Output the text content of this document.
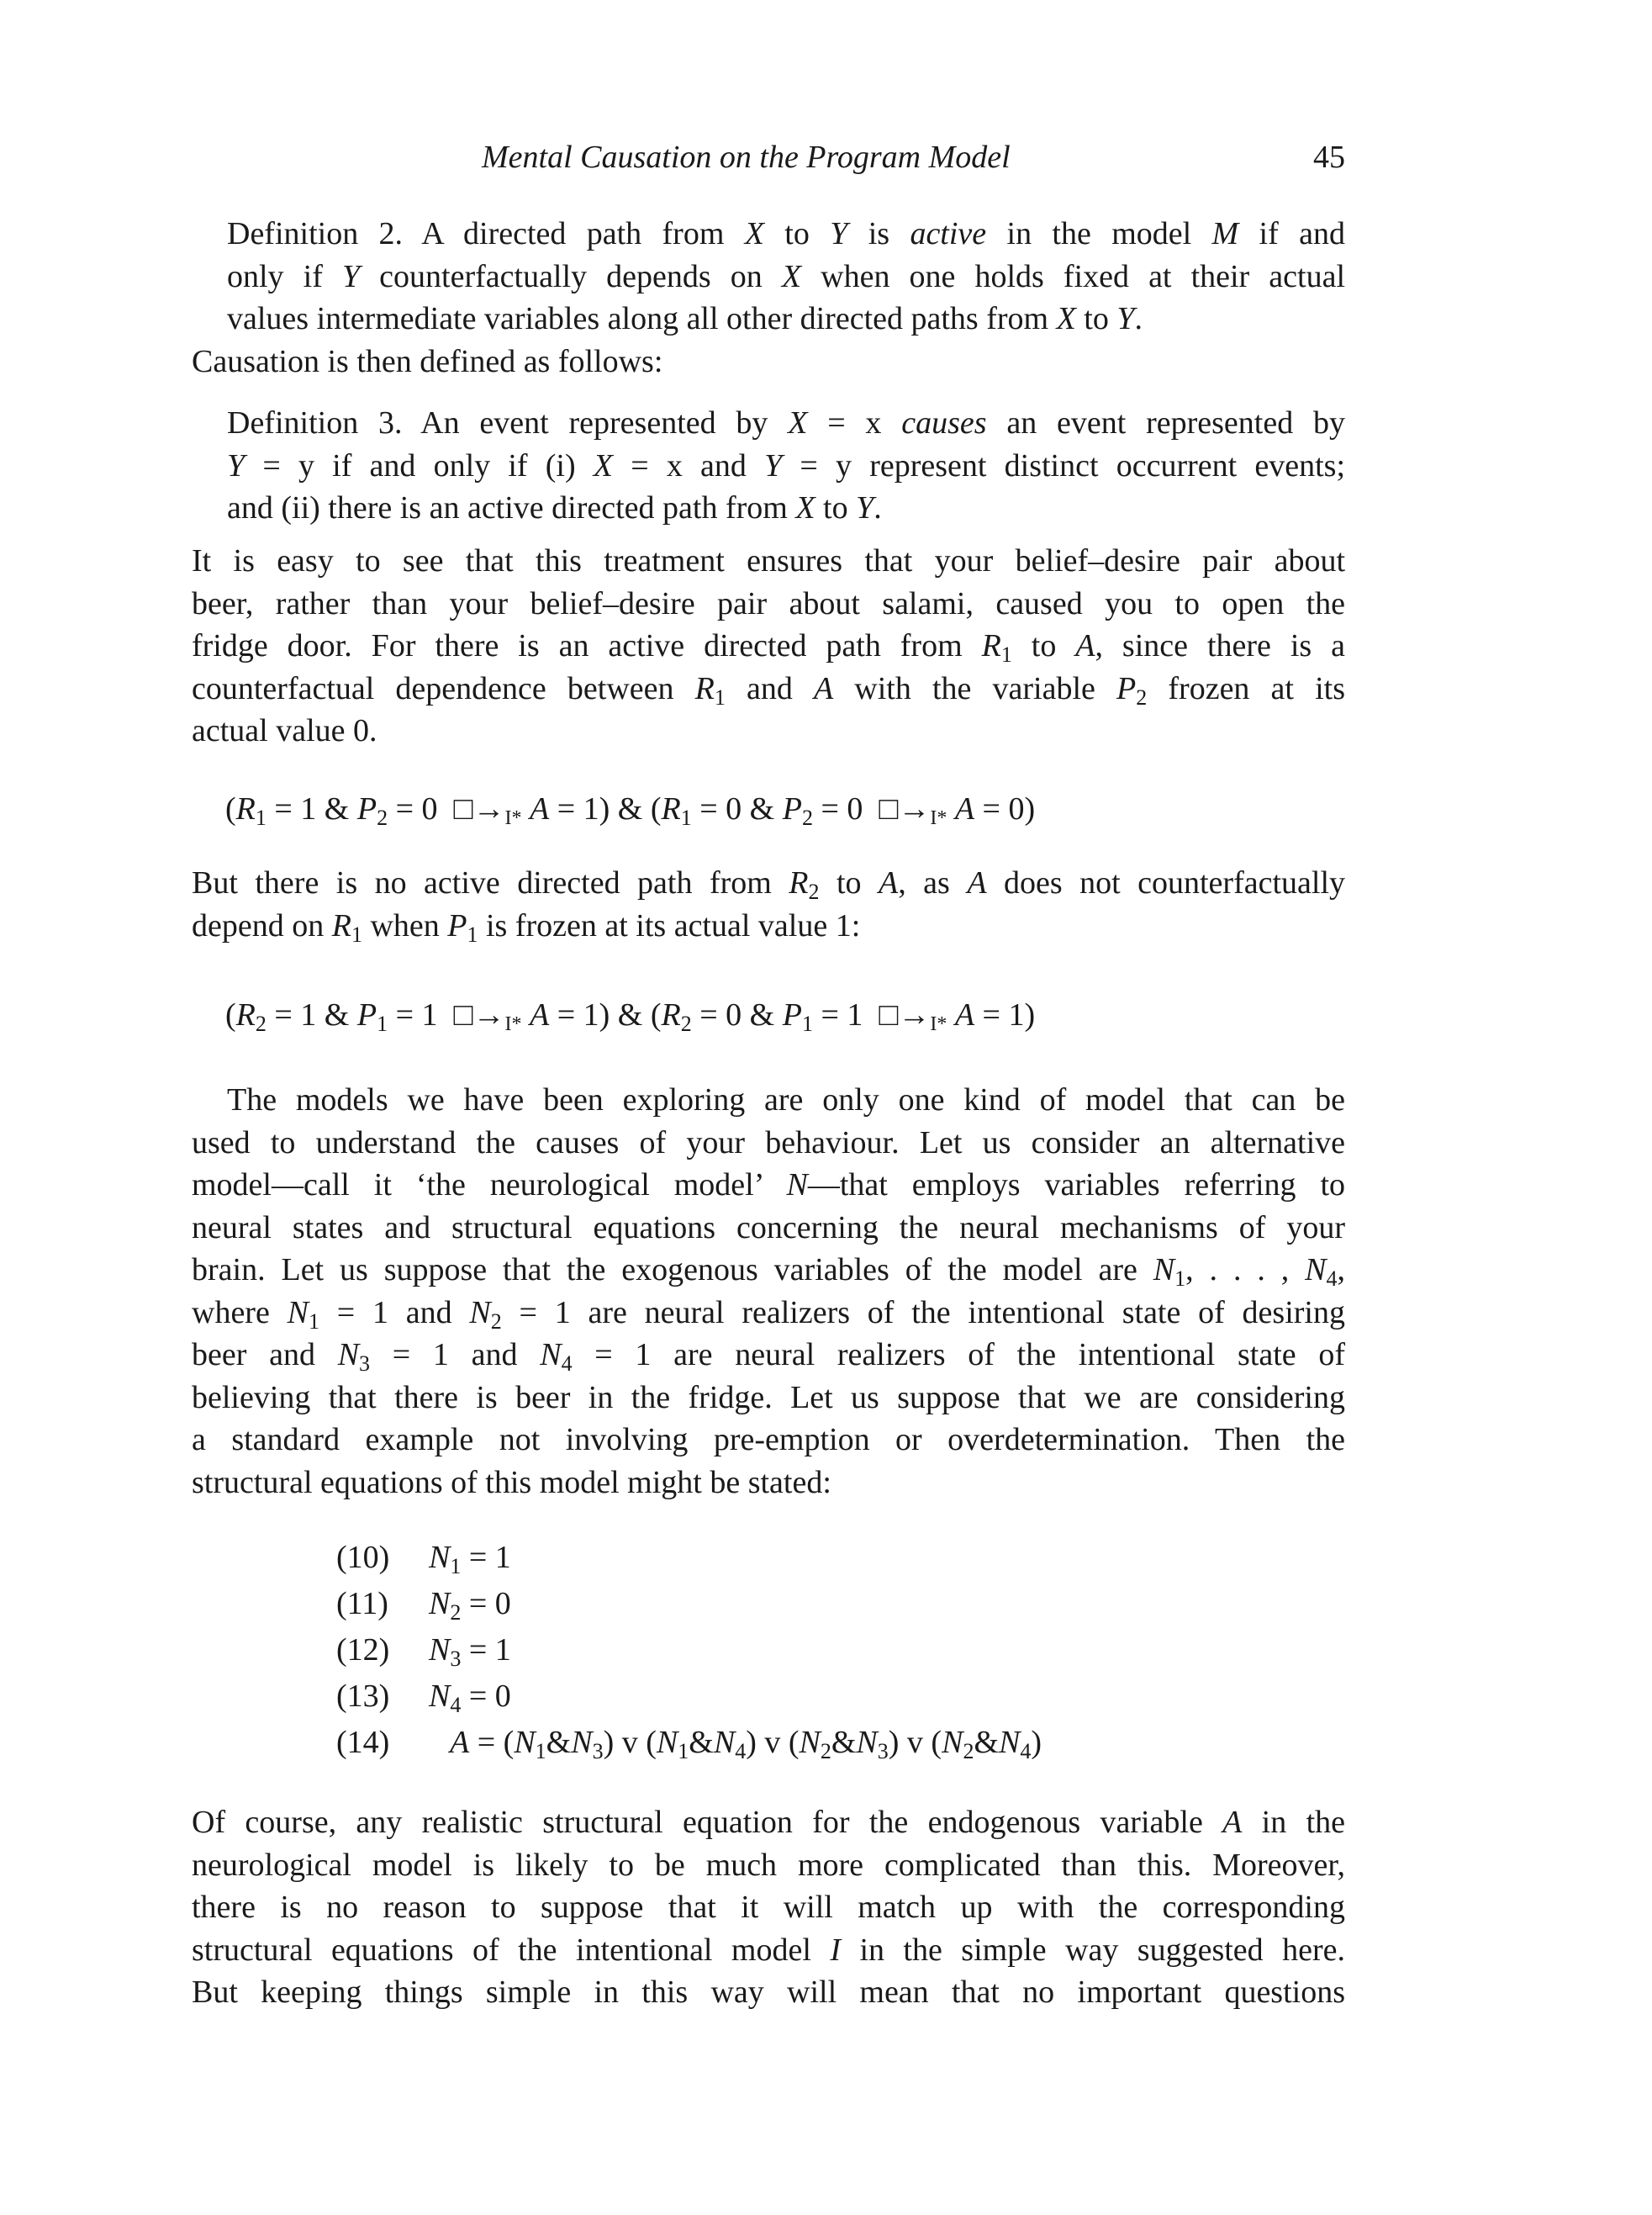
Mental Causation on the Program Model	45
Definition 2. A directed path from X to Y is active in the model M if and
only if Y counterfactually depends on X when one holds fixed at their actual
values intermediate variables along all other directed paths from X to Y.
Causation is then defined as follows:
Definition 3. An event represented by X = x causes an event represented by
Y = y if and only if (i) X = x and Y = y represent distinct occurrent events;
and (ii) there is an active directed path from X to Y.
It is easy to see that this treatment ensures that your belief–desire pair about
beer, rather than your belief–desire pair about salami, caused you to open the
fridge door. For there is an active directed path from $R_1$ to A, since there is a
counterfactual dependence between $R_1$ and A with the variable $P_2$ frozen at its
actual value 0.
($R_1 = 1$ & $P_2 = 0$  □→I* A = 1) & ($R_1 = 0$ & $P_2 = 0$  □→I* A = 0)
But there is no active directed path from $R_2$ to A, as A does not counterfactually
depend on $R_1$ when $P_1$ is frozen at its actual value 1:
($R_2 = 1$ & $P_1 = 1$  □→I* A = 1) & ($R_2 = 0$ & $P_1 = 1$  □→I* A = 1)
The models we have been exploring are only one kind of model that can be
used to understand the causes of your behaviour. Let us consider an alternative
model—call it ‘the neurological model’ N—that employs variables referring to
neural states and structural equations concerning the neural mechanisms of your
brain. Let us suppose that the exogenous variables of the model are $N_1$, . . . , $N_4$,
where $N_1 = 1$ and $N_2 = 1$ are neural realizers of the intentional state of desiring
beer and $N_3 = 1$ and $N_4 = 1$ are neural realizers of the intentional state of
believing that there is beer in the fridge. Let us suppose that we are considering
a standard example not involving pre-emption or overdetermination. Then the
structural equations of this model might be stated:
(10) $N_1 = 1$
(11) $N_2 = 0$
(12) $N_3 = 1$
(13) $N_4 = 0$
(14) $A = (N_1\&N_3)$ v $(N_1\&N_4)$ v $(N_2\&N_3)$ v $(N_2\&N_4)$
Of course, any realistic structural equation for the endogenous variable A in the
neurological model is likely to be much more complicated than this. Moreover,
there is no reason to suppose that it will match up with the corresponding
structural equations of the intentional model I in the simple way suggested here.
But keeping things simple in this way will mean that no important questions
